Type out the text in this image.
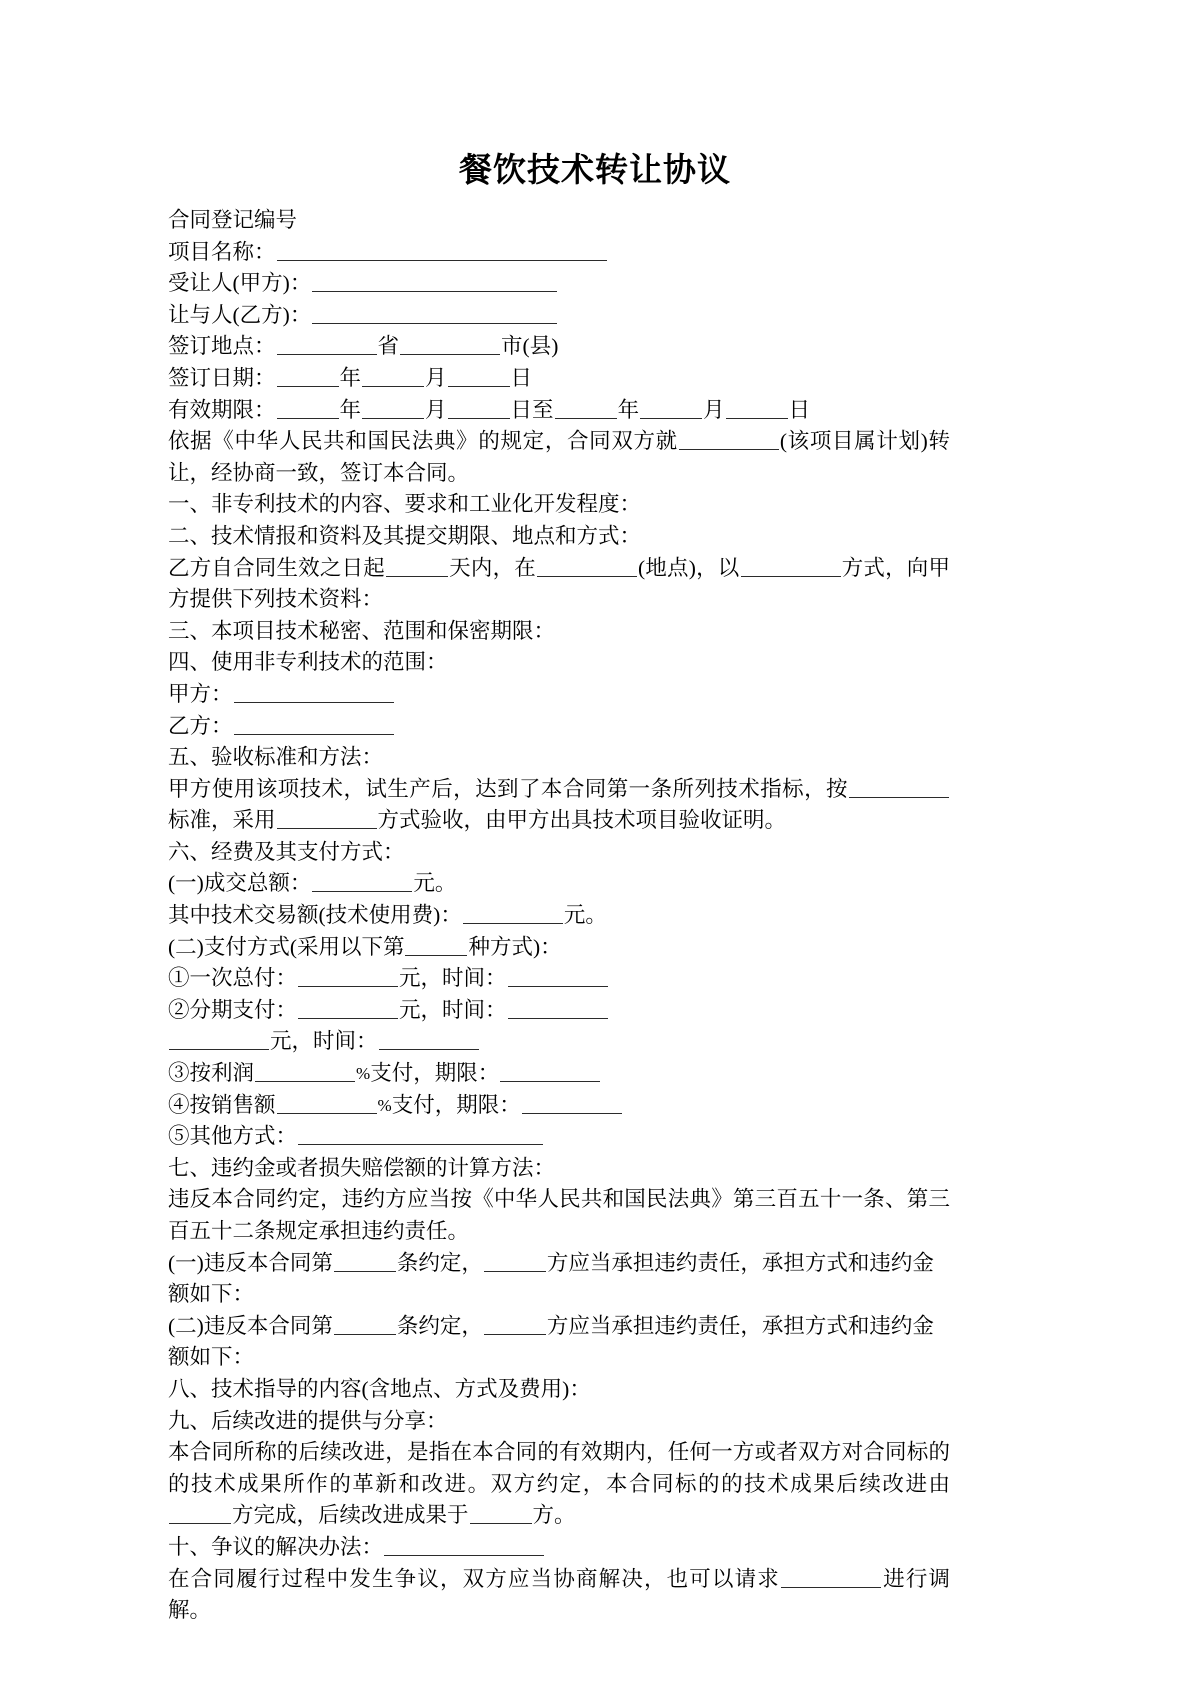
餐饮技术转让协议

合同登记编号

项目名称：

受让人(甲方)：

让与人(乙方)：

签订地点：	省	市(县)

签订日期：	年	月	日

有效期限：	年	月	日至	年	月	日

依据《中华人民共和国民法典》的规定，合同双方就	(该项目属计划)转让，经协商一致，签订本合同。

一、非专利技术的内容、要求和工业化开发程度：

二、技术情报和资料及其提交期限、地点和方式：

乙方自合同生效之日起	天内，在	(地点)，以	方式，向甲方提供下列技术资料：

三、本项目技术秘密、范围和保密期限：

四、使用非专利技术的范围：

甲方：

乙方：

五、验收标准和方法：

甲方使用该项技术，试生产后，达到了本合同第一条所列技术指标，按标准，采用	方式验收，由甲方出具技术项目验收证明。

六、经费及其支付方式：

(一)成交总额：	元。

其中技术交易额(技术使用费)：	元。

(二)支付方式(采用以下第	种方式)：

①一次总付：	元，时间：

②分期支付：	元，时间：

元，时间：

③按利润	%支付，期限：

④按销售额	%支付，期限：

⑤其他方式：

七、违约金或者损失赔偿额的计算方法：

违反本合同约定，违约方应当按《中华人民共和国民法典》第三百五十一条、第三百五十二条规定承担违约责任。

(一)违反本合同第	条约定，	方应当承担违约责任，承担方式和违约金额如下：

(二)违反本合同第	条约定，	方应当承担违约责任，承担方式和违约金额如下：

八、技术指导的内容(含地点、方式及费用)：

九、后续改进的提供与分享：

本合同所称的后续改进，是指在本合同的有效期内，任何一方或者双方对合同标的的技术成果所作的革新和改进。双方约定，本合同标的的技术成果后续改进由方完成，后续改进成果于	方。

十、争议的解决办法：

在合同履行过程中发生争议，双方应当协商解决，也可以请求	进行调解。
